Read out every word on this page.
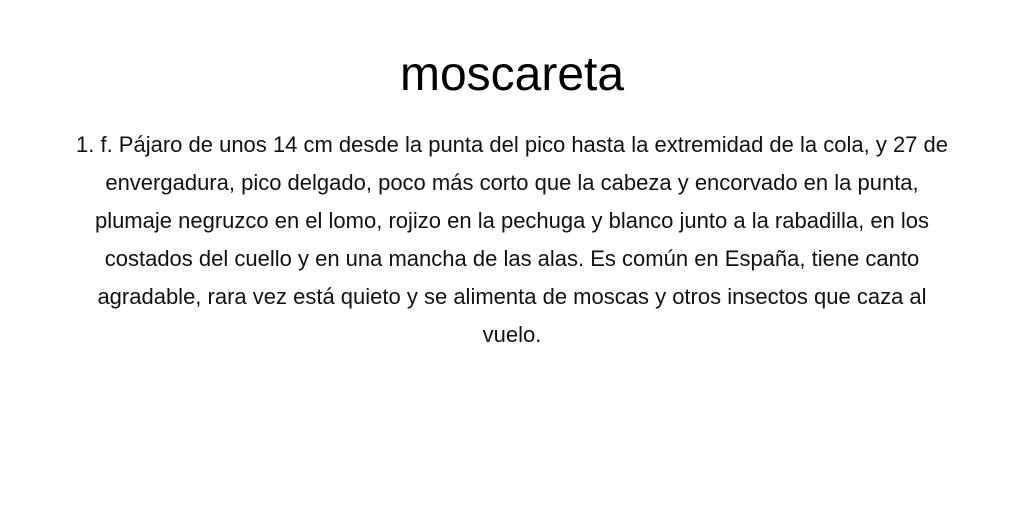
moscareta

1. f. Pájaro de unos 14 cm desde la punta del pico hasta la extremidad de la cola, y 27 de envergadura, pico delgado, poco más corto que la cabeza y encorvado en la punta, plumaje negruzco en el lomo, rojizo en la pechuga y blanco junto a la rabadilla, en los costados del cuello y en una mancha de las alas. Es común en España, tiene canto agradable, rara vez está quieto y se alimenta de moscas y otros insectos que caza al vuelo.
